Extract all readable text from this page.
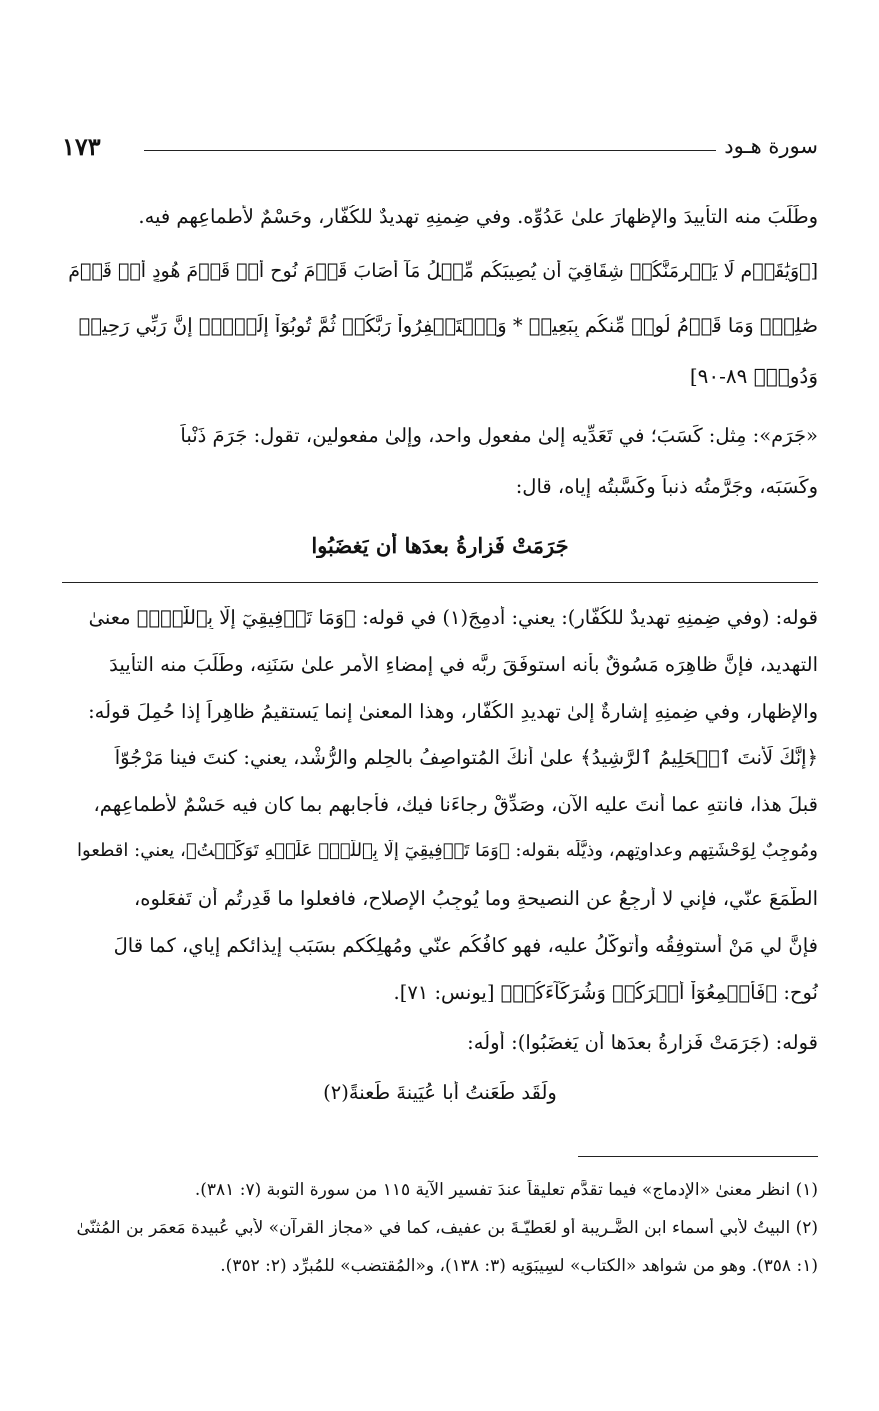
سورة هـود
١٧٣
وطَلَبَ منه التأييدَ والإظهارَ علىٰ عَدُوِّه. وفي ضِمنِهِ تهديدٌ للكُفّار، وحَسْمٌ لأطماعِهم فيه.
[﴿وَيَٰقَوۡمِ لَا يَجۡرِمَنَّكُمۡ شِقَاقِيٓ أَن يُصِيبَكُم مِّثۡلُ مَآ أَصَابَ قَوۡمَ نُوحٍ أَوۡ قَوۡمَ هُودٍ أَوۡ قَوۡمَ
صَٰلِحٖۚ وَمَا قَوۡمُ لُوطٖ مِّنكُم بِبَعِيدٖ * وَٱسۡتَغۡفِرُواْ رَبَّكُمۡ ثُمَّ تُوبُوٓاْ إِلَيۡهِۚ إِنَّ رَبِّي رَحِيمٞ
وَدُودٞ﴾ ٨٩-٩٠]
«جَرَم»: مِثل: كَسَبَ؛ في تَعَدِّيه إلىٰ مفعولٍ واحد، وإلىٰ مفعولين، تقول: جَرَمَ ذَنْباً
وكَسَبَه، وجَرَّمتُه ذنباً وكَسَّبتُه إياه، قال:
جَرَمَتْ فَزارةُ بعدَها أن يَغضَبُوا
قوله: (وفي ضِمنِهِ تهديدٌ للكُفّار): يعني: أُدمِجَ(١) في قوله: ﴿وَمَا تَوۡفِيقِيٓ إِلَّا بِٱللَّهِۚ﴾ معنىٰ
التهديد، فإنَّ ظاهِرَه مَسُوقٌ بأنه استوفَقَ ربَّه في إمضاءِ الأمرِ علىٰ سَنَنِه، وطَلَبَ منه التأييدَ
والإظهار، وفي ضِمنِهِ إشارةٌ إلىٰ تهديدِ الكُفّار، وهذا المعنىٰ إنما يَستقيمُ ظاهِراً إذا حُمِلَ قولُه:
﴿إِنَّكَ لَأَنتَ ٱلۡحَلِيمُ ٱلرَّشِيدُ﴾ علىٰ أنكَ المُتواصِفُ بالحِلم والرُّشْد، يعني: كنتَ فينا مَرْجُوّاً
قبلَ هذا، فانتهِ عما أنتَ عليه الآن، وصَدِّقْ رجاءَنا فيك، فأجابهم بما كان فيه حَسْمٌ لأطماعِهم،
ومُوجِبٌ لِوَحْشَتِهم وعداوتِهم، وذيَّلَه بقوله: ﴿وَمَا تَوۡفِيقِيٓ إِلَّا بِٱللَّهِۚ عَلَيۡهِ تَوَكَّلۡتُ﴾، يعني: اقطعوا
الطَّمَعَ عنّي، فإني لا أرجِعُ عن النصيحةِ وما يُوجِبُ الإصلاح، فافعلوا ما قَدِرتُم أن تَفعَلوه،
فإنَّ لي مَنْ أستوفِقُه وأتوكَّلُ عليه، فهو كافُكُم عنّي ومُهلِكُكم بسَبَبِ إيذائكم إياي، كما قالَ
نُوح: ﴿فَأَجۡمِعُوٓاْ أَمۡرَكُمۡ وَشُرَكَآءَكُمۡ﴾ [يونس: ٧١].
قوله: (جَرَمَتْ فَزارةُ بعدَها أن يَغضَبُوا): أولُه:
ولَقَد طَعَنتُ أبا عُيَينةَ طَعنةً(٢)
(١) انظر معنىٰ «الإدماج» فيما تقدَّم تعليقاً عندَ تفسير الآية ١١٥ من سورة التوبة (٧: ٣٨١).
(٢) البيتُ لأبي أسماء ابن الضَّـريبة أو لعَطيّـةَ بن عفيف، كما في «مجاز القرآن» لأبي عُبيدة مَعمَر بن المُثنّىٰ
(١: ٣٥٨). وهو من شواهد «الكتاب» لسِيبَوَيه (٣: ١٣٨)، و«المُقتضب» للمُبرِّد (٢: ٣٥٢).
